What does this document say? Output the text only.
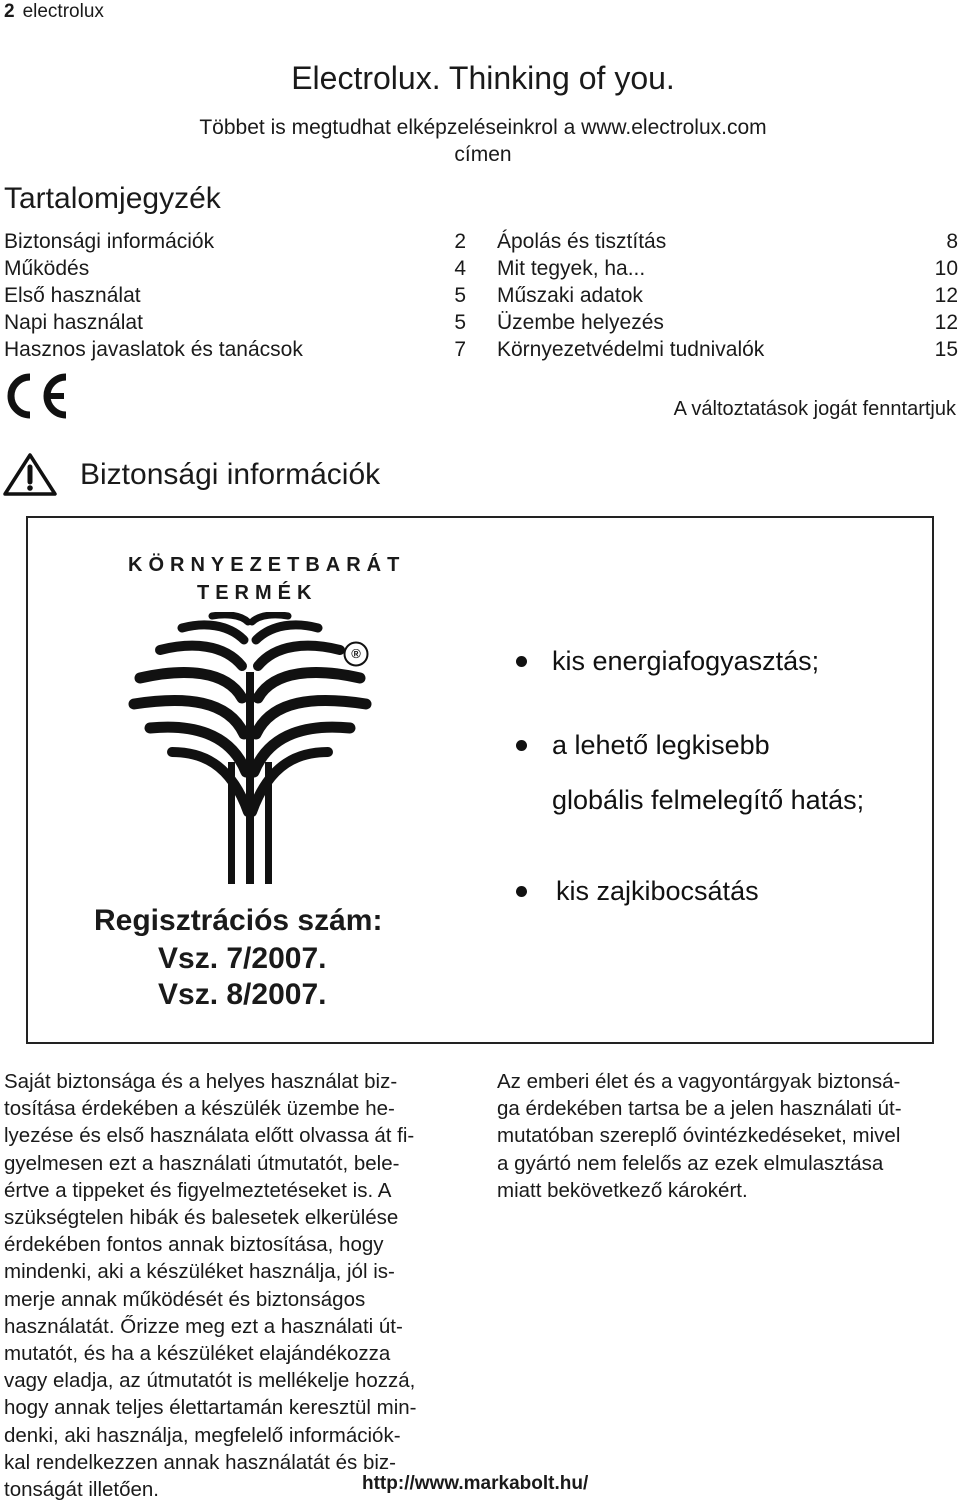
2 electrolux
Electrolux. Thinking of you.
Többet is megtudhat elképzeléseinkrol a www.electrolux.com
címen
Tartalomjegyzék
Biztonsági információk	2
Működés	4
Első használat	5
Napi használat	5
Hasznos javaslatok és tanácsok	7
Ápolás és tisztítás	8
Mit tegyek, ha...	10
Műszaki adatok	12
Üzembe helyezés	12
Környezetvédelmi tudnivalók	15
A változtatások jogát fenntartjuk
Biztonsági információk
KÖRNYEZETBARÁT
TERMÉK
®
Regisztrációs szám:
Vsz. 7/2007.
Vsz. 8/2007.
kis energiafogyasztás;
a lehető legkisebb
globális felmelegítő hatás;
kis zajkibocsátás
Saját biztonsága és a helyes használat biz-
tosítása érdekében a készülék üzembe he-
lyezése és első használata előtt olvassa át fi-
gyelmesen ezt a használati útmutatót, bele-
értve a tippeket és figyelmeztetéseket is. A
szükségtelen hibák és balesetek elkerülése
érdekében fontos annak biztosítása, hogy
mindenki, aki a készüléket használja, jól is-
merje annak működését és biztonságos
használatát. Őrizze meg ezt a használati út-
mutatót, és ha a készüléket elajándékozza
vagy eladja, az útmutatót is mellékelje hozzá,
hogy annak teljes élettartamán keresztül min-
denki, aki használja, megfelelő információk-
kal rendelkezzen annak használatát és biz-
tonságát illetően.
Az emberi élet és a vagyontárgyak biztonsá-
ga érdekében tartsa be a jelen használati út-
mutatóban szereplő óvintézkedéseket, mivel
a gyártó nem felelős az ezek elmulasztása
miatt bekövetkező károkért.
http://www.markabolt.hu/
